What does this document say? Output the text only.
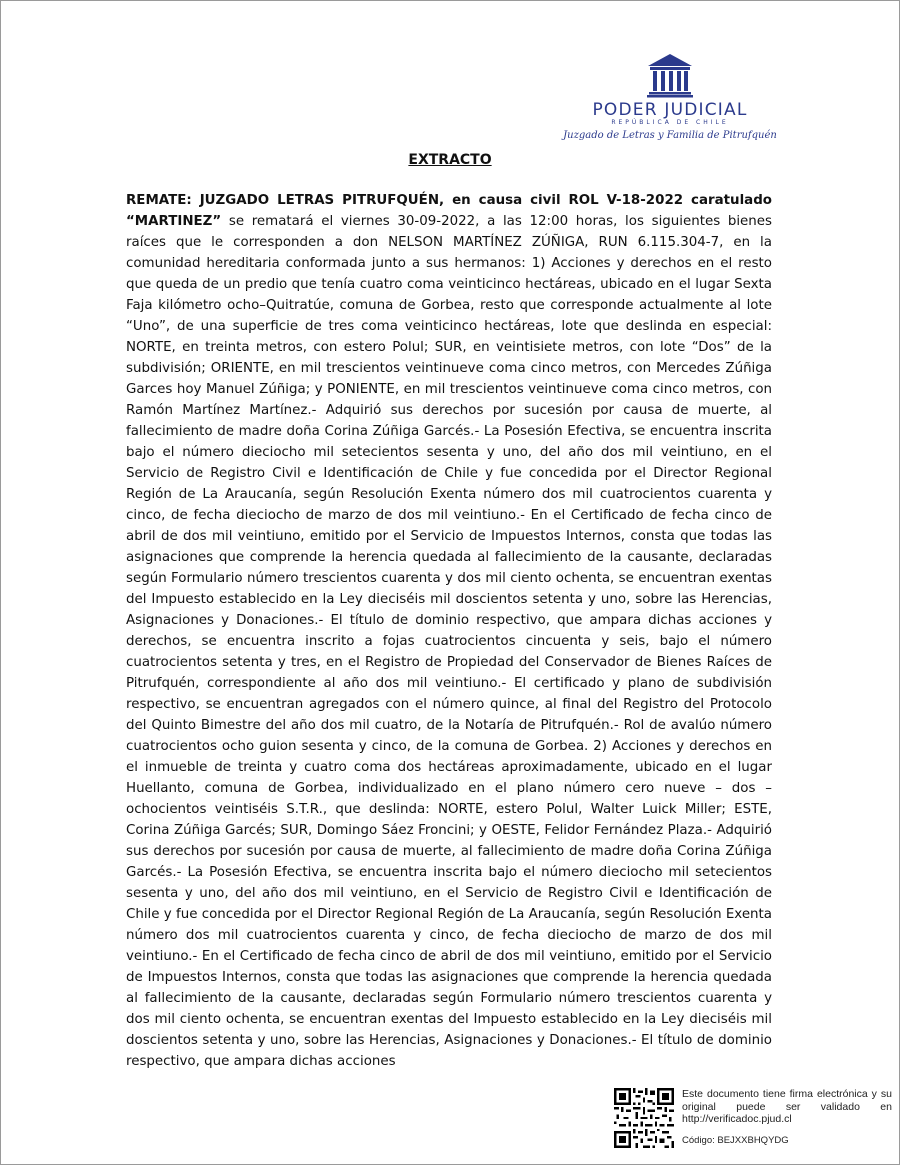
PODER JUDICIAL
REPÚBLICA DE CHILE
Juzgado de Letras y Familia de Pitrufquén
EXTRACTO
REMATE: JUZGADO LETRAS PITRUFQUÉN, en causa civil ROL V-18-2022 caratulado “MARTINEZ” se rematará el viernes 30-09-2022, a las 12:00 horas, los siguientes bienes raíces que le corresponden a don NELSON MARTÍNEZ ZÚÑIGA, RUN 6.115.304-7, en la comunidad hereditaria conformada junto a sus hermanos: 1) Acciones y derechos en el resto que queda de un predio que tenía cuatro coma veinticinco hectáreas, ubicado en el lugar Sexta Faja kilómetro ocho–Quitratúe, comuna de Gorbea, resto que corresponde actualmente al lote “Uno”, de una superficie de tres coma veinticinco hectáreas, lote que deslinda en especial: NORTE, en treinta metros, con estero Polul; SUR, en veintisiete metros, con lote “Dos” de la subdivisión; ORIENTE, en mil trescientos veintinueve coma cinco metros, con Mercedes Zúñiga Garces hoy Manuel Zúñiga; y PONIENTE, en mil trescientos veintinueve coma cinco metros, con Ramón Martínez Martínez.- Adquirió sus derechos por sucesión por causa de muerte, al fallecimiento de madre doña Corina Zúñiga Garcés.- La Posesión Efectiva, se encuentra inscrita bajo el número dieciocho mil setecientos sesenta y uno, del año dos mil veintiuno, en el Servicio de Registro Civil e Identificación de Chile y fue concedida por el Director Regional Región de La Araucanía, según Resolución Exenta número dos mil cuatrocientos cuarenta y cinco, de fecha dieciocho de marzo de dos mil veintiuno.- En el Certificado de fecha cinco de abril de dos mil veintiuno, emitido por el Servicio de Impuestos Internos, consta que todas las asignaciones que comprende la herencia quedada al fallecimiento de la causante, declaradas según Formulario número trescientos cuarenta y dos mil ciento ochenta, se encuentran exentas del Impuesto establecido en la Ley dieciséis mil doscientos setenta y uno, sobre las Herencias, Asignaciones y Donaciones.- El título de dominio respectivo, que ampara dichas acciones y derechos, se encuentra inscrito a fojas cuatrocientos cincuenta y seis, bajo el número cuatrocientos setenta y tres, en el Registro de Propiedad del Conservador de Bienes Raíces de Pitrufquén, correspondiente al año dos mil veintiuno.- El certificado y plano de subdivisión respectivo, se encuentran agregados con el número quince, al final del Registro del Protocolo del Quinto Bimestre del año dos mil cuatro, de la Notaría de Pitrufquén.- Rol de avalúo número cuatrocientos ocho guion sesenta y cinco, de la comuna de Gorbea. 2) Acciones y derechos en el inmueble de treinta y cuatro coma dos hectáreas aproximadamente, ubicado en el lugar Huellanto, comuna de Gorbea, individualizado en el plano número cero nueve – dos – ochocientos veintiséis S.T.R., que deslinda: NORTE, estero Polul, Walter Luick Miller; ESTE, Corina Zúñiga Garcés; SUR, Domingo Sáez Froncini; y OESTE, Felidor Fernández Plaza.- Adquirió sus derechos por sucesión por causa de muerte, al fallecimiento de madre doña Corina Zúñiga Garcés.- La Posesión Efectiva, se encuentra inscrita bajo el número dieciocho mil setecientos sesenta y uno, del año dos mil veintiuno, en el Servicio de Registro Civil e Identificación de Chile y fue concedida por el Director Regional Región de La Araucanía, según Resolución Exenta número dos mil cuatrocientos cuarenta y cinco, de fecha dieciocho de marzo de dos mil veintiuno.- En el Certificado de fecha cinco de abril de dos mil veintiuno, emitido por el Servicio de Impuestos Internos, consta que todas las asignaciones que comprende la herencia quedada al fallecimiento de la causante, declaradas según Formulario número trescientos cuarenta y dos mil ciento ochenta, se encuentran exentas del Impuesto establecido en la Ley dieciséis mil doscientos setenta y uno, sobre las Herencias, Asignaciones y Donaciones.- El título de dominio respectivo, que ampara dichas acciones
Este documento tiene firma electrónica y su original puede ser validado en http://verificadoc.pjud.cl
Código: BEJXXBHQYDG
